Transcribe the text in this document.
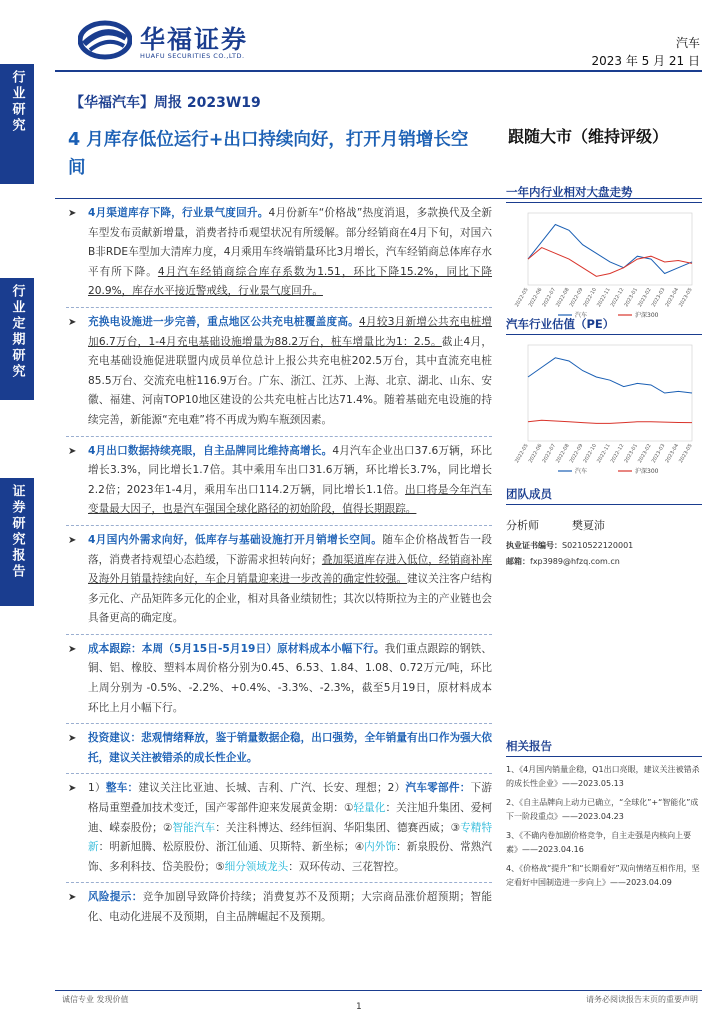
华福证券
HUAFU SECURITIES CO.,LTD.
汽车
2023 年 5 月 21 日
行业研究
行业定期研究
证券研究报告
【华福汽车】周报 2023W19
4 月库存低位运行+出口持续向好，打开月销增长空间
跟随大市（维持评级）
➤ 4月渠道库存下降，行业景气度回升。4月份新车“价格战”热度消退，多款换代及全新车型发布贡献新增量，消费者持币观望状况有所缓解。部分经销商在4月下旬，对国六B非RDE车型加大清库力度，4月乘用车终端销量环比3月增长，汽车经销商总体库存水平有所下降。4月汽车经销商综合库存系数为1.51，环比下降15.2%，同比下降20.9%，库存水平接近警戒线，行业景气度回升。
➤ 充换电设施进一步完善，重点地区公共充电桩覆盖度高。4月较3月新增公共充电桩增加6.7万台，1-4月充电基础设施增量为88.2万台，桩车增量比为1：2.5。截止4月，充电基础设施促进联盟内成员单位总计上报公共充电桩202.5万台，其中直流充电桩85.5万台、交流充电桩116.9万台。广东、浙江、江苏、上海、北京、湖北、山东、安徽、福建、河南TOP10地区建设的公共充电桩占比达71.4%。随着基础充电设施的持续完善，新能源“充电难”将不再成为购车瓶颈因素。
➤ 4月出口数据持续亮眼，自主品牌同比维持高增长。4月汽车企业出口37.6万辆，环比增长3.3%，同比增长1.7倍。其中乘用车出口31.6万辆，环比增长3.7%，同比增长2.2倍；2023年1-4月，乘用车出口114.2万辆，同比增长1.1倍。出口将是今年汽车变量最大因子，也是汽车强国全球化路径的初始阶段，值得长期跟踪。
➤ 4月国内外需求向好，低库存与基础设施打开月销增长空间。随车企价格战暂告一段落，消费者持观望心态趋缓，下游需求担转向好；叠加渠道库存进入低位，经销商补库及海外月销量持续向好，车企月销量迎来进一步改善的确定性较强。建议关注客户结构多元化、产品矩阵多元化的企业，相对具备业绩韧性；其次以特斯拉为主的产业链也会具备更高的确定度。
➤ 成本跟踪：本周（5月15日-5月19日）原材料成本小幅下行。我们重点跟踪的钢铁、铜、铝、橡胶、塑料本周价格分别为0.45、6.53、1.84、1.08、0.72万元/吨，环比上周分别为 -0.5%、-2.2%、+0.4%、-3.3%、-2.3%，截至5月19日，原材料成本环比上月小幅下行。
➤ 投资建议：悲观情绪释放，鉴于销量数据企稳，出口强势，全年销量有出口作为强大依托，建议关注被错杀的成长性企业。
➤ 1）整车：建议关注比亚迪、长城、吉利、广汽、长安、理想；2）汽车零部件：下游格局重塑叠加技术变迁，国产零部件迎来发展黄金期：①轻量化：关注旭升集团、爱柯迪、嵘泰股份；②智能汽车：关注科博达、经纬恒润、华阳集团、德赛西威；③专精特新：明新旭腾、松原股份、浙江仙通、贝斯特、新坐标；④内外饰：新泉股份、常熟汽饰、多利科技、岱美股份；⑤细分领域龙头：双环传动、三花智控。
➤ 风险提示：竞争加剧导致降价持续；消费复苏不及预期；大宗商品涨价超预期；智能化、电动化进展不及预期，自主品牌崛起不及预期。
一年内行业相对大盘走势
2022-05
2022-06
2022-07
2022-08
2022-09
2022-10
2022-11
2022-12
2023-01
2023-02
2023-03
2023-04
2023-05
汽车	沪深300
汽车行业估值（PE）
2022-05
2022-06
2022-07
2022-08
2022-09
2022-10
2022-11
2022-12
2023-01
2023-02
2023-03
2023-04
2023-05
汽车	沪深300
团队成员
分析师	樊夏沛
执业证书编号：S0210522120001
邮箱：fxp3989@hfzq.com.cn
相关报告
1、《4月国内销量企稳，Q1出口亮眼，建议关注被错杀的成长性企业》——2023.05.13
2、《自主品牌向上动力已确立，“全球化”+“智能化”成下一阶段重点》——2023.04.23
3、《不确内卷加剧价格竞争，自主走强是内核向上要素》——2023.04.16
4、《价格战“提升”和“长期看好”双向情绪互相作用，坚定看好中国制造进一步向上》——2023.04.09
诚信专业 发现价值	请务必阅读报告末页的重要声明
1
